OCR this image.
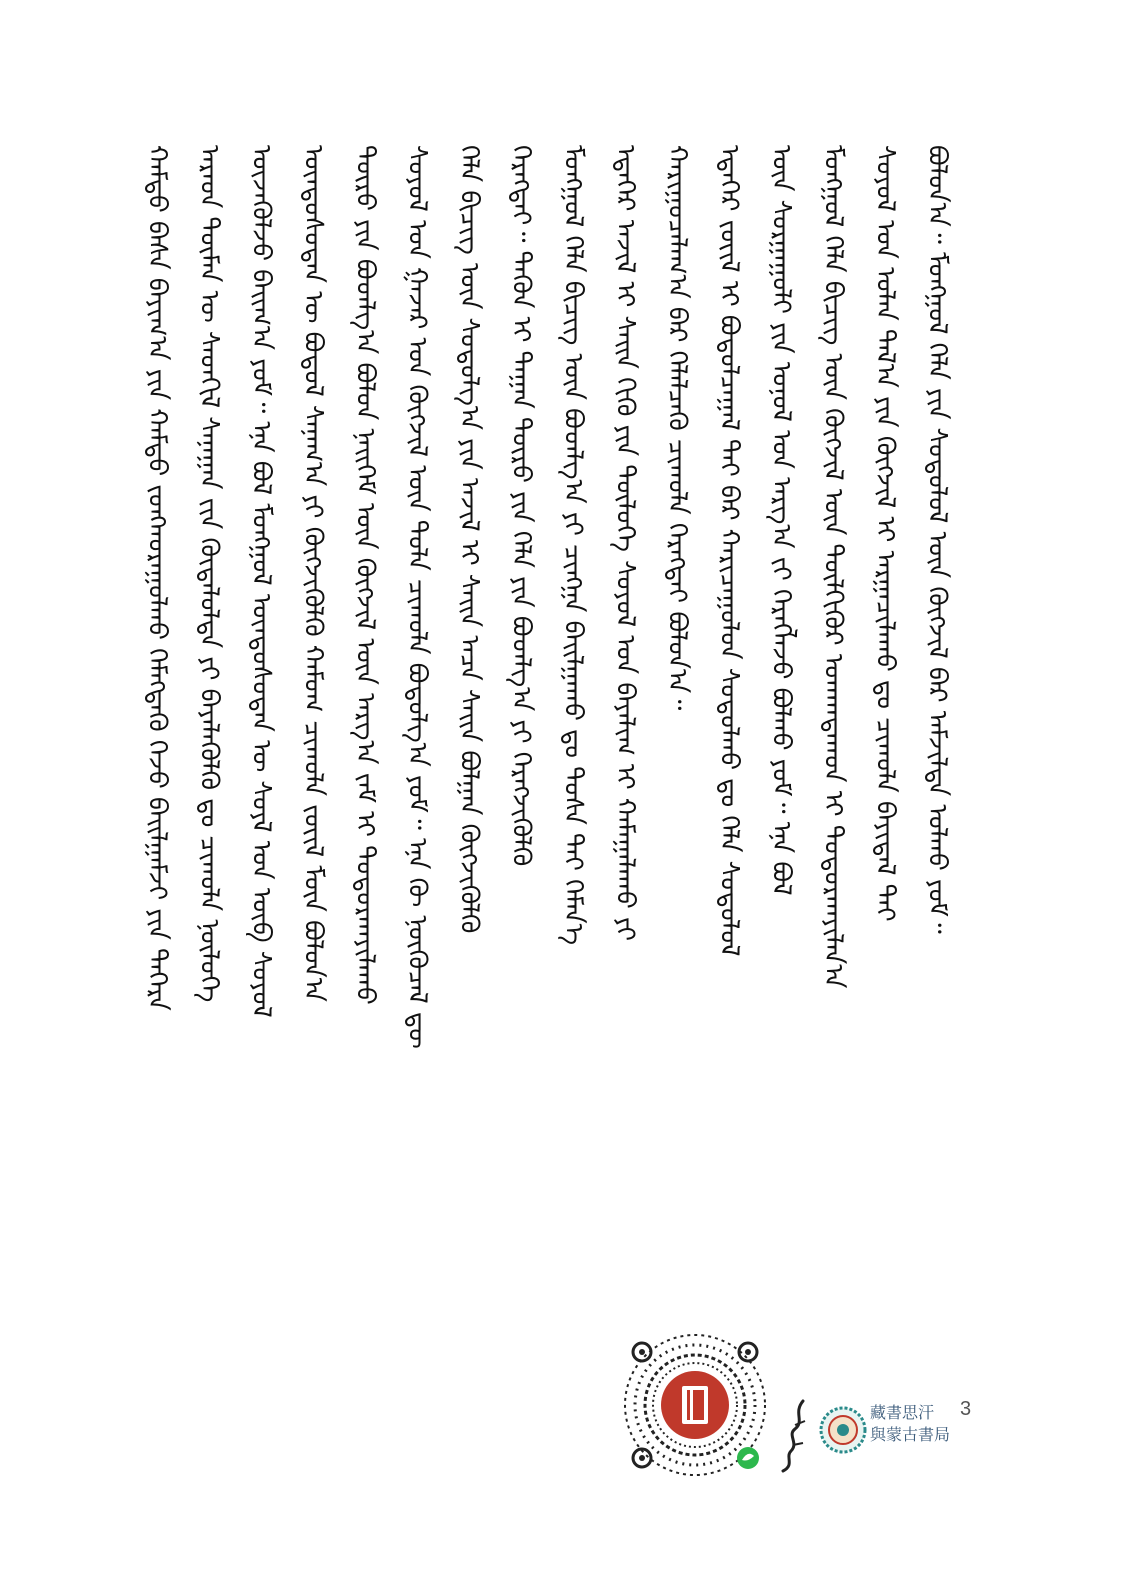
ᠬᠠᠮᠲᠤ ᠪᠠᠰᠠ ᠪᠠᠶᠢᠭ᠎ᠠ ᠶᠢᠨ ᠬᠠᠮᠲᠤ ᠵᠤᠩᠬᠤᠷᠠᠭᠤᠯᠬᠤ ᠬᠡᠮᠡᠭᠳᠡᠬᠦ ᠭᠡᠵᠦ ᠪᠠᠢ᠌ᠯᠭᠠᠮᠵᠢ ᠶᠢᠨ ᠳᠡᠭᠡᠷᠡ ᠠᠷᠠᠳ ᠲᠦᠮᠡᠨ ᠦ ᠰᠡᠳᠬᠢᠯ ᠰᠠᠨᠠᠭᠠᠨ ᠵᠢᠨ ᠬᠦᠳᠡᠯᠦᠯᠲᠡ ᠶᠢ ᠪᠡᠶᠡᠯᠡᠭᠦᠯᠬᠦ ᠳᠤ ᠴᠢᠬᠤᠯᠠ ᠨᠥᠯᠦᠭᠡ ᠦᠵᠡᠭᠦᠯᠵᠦ ᠪᠠᠢ᠌ᠭ᠎ᠠ ᠶᠤᠮ᠃ ᠡᠨᠡ ᠪᠣᠯ ᠮᠣᠩᠭᠣᠯ ᠦᠨᠳᠦᠰᠦᠲᠡᠨ ᠦ ᠰᠤᠶᠯ ᠤᠨ ᠥᠪ ᠰᠣᠶᠤᠯ ᠦᠨᠳᠦᠰᠦᠲᠡᠨ ᠦ ᠪᠣᠳᠤᠯ ᠰᠠᠨᠠᠭ᠎ᠠ ᠶᠢ ᠬᠦᠭᠵᠢᠭᠦᠯᠬᠦ ᠬᠠᠮᠤᠭ ᠴᠢᠬᠤᠯᠠ ᠵᠦᠢᠯ ᠮᠥᠨ ᠪᠣᠯᠤᠨ᠎ᠠ ᠲᠥᠷᠥ ᠶᠢᠨ ᠪᠣᠳᠯᠭ᠎ᠠ ᠪᠣᠯᠤᠨ ᠨᠡᠢ᠌ᠭᠡᠮ ᠦᠨ ᠬᠥᠭᠵᠢᠯ ᠦᠨ ᠠᠷᠭ᠎ᠠ ᠵᠠᠮ ᠢ ᠲᠣᠳᠣᠷᠬᠠᠶᠢᠯᠠᠬᠤ ᠰᠣᠶᠤᠯ ᠤᠨ ᠭᠠᠵᠠᠷ ᠤᠨ ᠬᠥᠭᠵᠢᠯ ᠦᠨ ᠲᠤᠯᠠ ᠴᠢᠬᠤᠯᠠ ᠪᠣᠳᠤᠯᠭ᠎ᠠ ᠶᠤᠮ᠃ ᠡᠨᠡ ᠬᠦ ᠨᠥᠬᠦᠴᠡᠯ ᠳᠦ ᠬᠡᠯᠡ ᠪᠢᠴᠢᠭ ᠦᠨ ᠰᠤᠳᠤᠯᠭ᠎ᠠ ᠶᠢᠨ ᠠᠵᠢᠯ ᠢ ᠰᠠᠢ᠌ᠨ ᠠᠴᠠ ᠰᠠᠢ᠌ᠨ ᠪᠣᠯᠭᠠᠨ ᠬᠥᠭᠵᠢᠭᠦᠯᠬᠦ ᠬᠡᠷᠡᠭᠲᠡᠢ᠃ ᠲᠡᠭᠦᠨ ᠢ ᠳᠠᠭᠠᠨ ᠲᠥᠷᠥ ᠶᠢᠨ ᠬᠡᠯᠡ ᠶᠢᠨ ᠪᠣᠳᠯᠭ᠎ᠠ ᠶᠢ ᠬᠡᠷᠡᠭᠵᠢᠭᠦᠯᠬᠦ ᠮᠣᠩᠭᠣᠯ ᠬᠡᠯᠡ ᠪᠢᠴᠢᠭ ᠦᠨ ᠪᠣᠳᠯᠭ᠎ᠠ ᠶᠢ ᠴᠢᠩᠭᠠ ᠪᠠᠢ᠌ᠯᠭᠠᠬᠤ ᠳᠤ ᠲᠤᠰᠠ ᠲᠠᠢ ᠬᠡᠮᠡᠨ᠎ᠡ ᠡᠳᠡᠭᠡᠷ ᠠᠵᠢᠯ ᠢ ᠰᠠᠢ᠌ᠨ ᠬᠢᠬᠦ ᠶᠢᠨ ᠲᠥᠯᠥᠭᠡ ᠰᠣᠶᠤᠯ ᠤᠨ ᠪᠠᠶᠠᠯᠢᠭ ᠢ ᠬᠠᠮᠠᠭᠠᠯᠠᠬᠤ ᠶᠢ ᠬᠠᠷᠢᠭᠤᠴᠠᠯᠠᠭ᠎ᠠ ᠪᠠᠷ ᠬᠡᠯᠡᠯᠴᠡᠬᠦ ᠴᠢᠬᠤᠯᠠ ᠬᠡᠷᠡᠭᠲᠡᠢ ᠪᠣᠯᠤᠨ᠎ᠠ᠃ ᠡᠳᠡᠭᠡᠷ ᠵᠦᠢᠯ ᠢ ᠪᠣᠳᠣᠯᠴᠠᠭᠠᠯ ᠲᠠᠢ ᠪᠡᠷ ᠬᠠᠷᠢᠴᠠᠭᠤᠯᠤᠨ ᠰᠤᠳᠤᠯᠬᠤ ᠳᠤ ᠬᠡᠯᠡ ᠰᠤᠳᠤᠯᠤᠯ ᠦᠨ ᠰᠤᠷᠭᠠᠭᠤᠯᠢ ᠶᠢᠨ ᠣᠨᠣᠯ ᠤᠨ ᠠᠷᠭ᠎ᠠ ᠵᠢ ᠬᠡᠷᠡᠭᠯᠡᠵᠦ ᠪᠣᠯᠬᠤ ᠶᠤᠮ᠃ ᠡᠨᠡ ᠪᠣᠯ ᠮᠣᠩᠭᠣᠯ ᠬᠡᠯᠡ ᠪᠢᠴᠢᠭ ᠦᠨ ᠬᠥᠭᠵᠢᠯ ᠦᠨ ᠲᠦᠯᠬᠢᠭᠦᠷ ᠤᠬᠠᠭᠳᠠᠬᠤᠨ ᠢ ᠲᠣᠳᠣᠷᠬᠠᠶᠢᠯᠠᠨ᠎ᠠ ᠰᠣᠶᠤᠯ ᠤᠨ ᠣᠯᠠᠨ ᠲᠠᠯ᠎ᠠ ᠶᠢᠨ ᠬᠥᠭᠵᠢᠯ ᠢ ᠠᠷᠭᠠᠴᠢᠯᠠᠬᠤ ᠳᠤ ᠴᠢᠬᠤᠯᠠ ᠪᠠᠶᠢᠳᠠᠯ ᠲᠠᠢ ᠪᠣᠯᠤᠨ᠎ᠠ᠃ ᠮᠣᠩᠭᠣᠯ ᠬᠡᠯᠡ ᠶᠢᠨ ᠰᠤᠳᠤᠯᠤᠯ ᠦᠨ ᠬᠥᠭᠵᠢᠯ ᠪᠡᠷ ᠠᠮᠵᠢᠯᠲᠠ ᠣᠯᠬᠤ ᠶᠤᠮ᠃
藏書思汗
與蒙古書局
3
